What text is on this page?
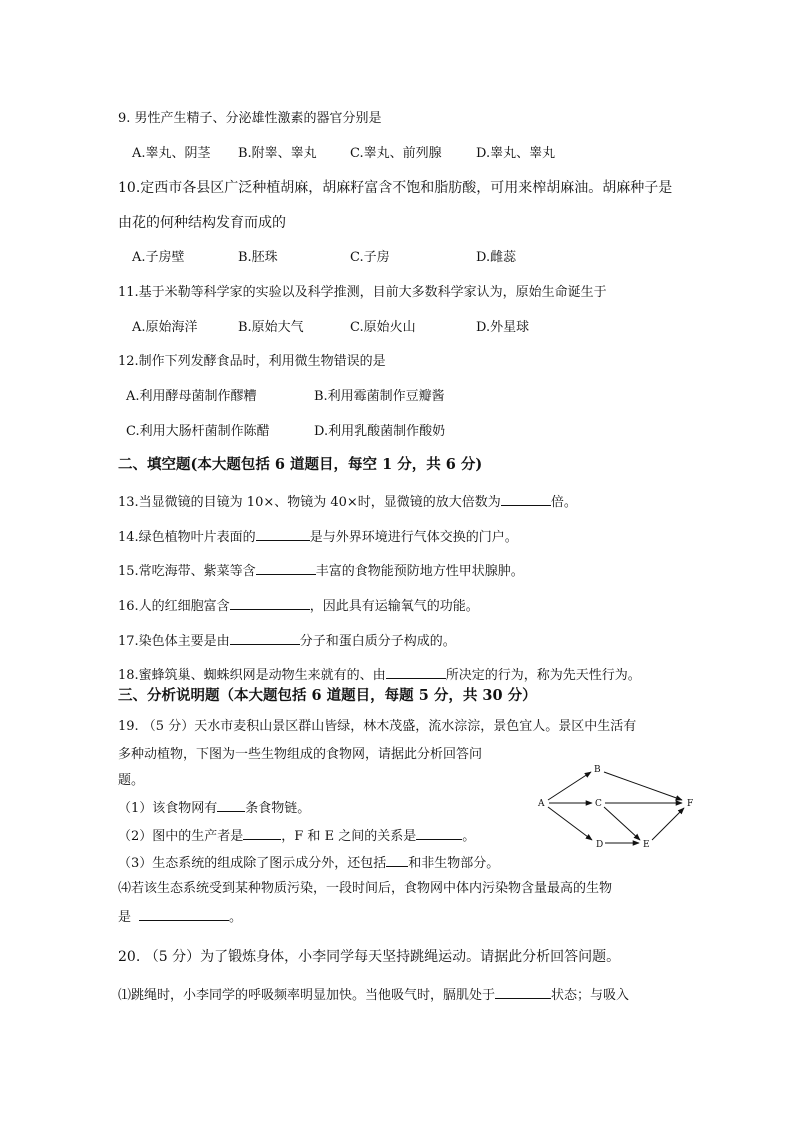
9. 男性产生精子、分泌雄性激素的器官分别是
A.睾丸、阴茎 B.附睾、睾丸	C.睾丸、前列腺	D.睾丸、睾丸
10.定西市各县区广泛种植胡麻，胡麻籽富含不饱和脂肪酸，可用来榨胡麻油。胡麻种子是
由花的何种结构发育而成的
A.子房壁	B.胚珠	C.子房	D.雌蕊
11.基于米勒等科学家的实验以及科学推测，目前大多数科学家认为，原始生命诞生于
A.原始海洋	B.原始大气	C.原始火山	D.外星球
12.制作下列发酵食品时，利用微生物错误的是
A.利用酵母菌制作醪糟	B.利用霉菌制作豆瓣酱
C.利用大肠杆菌制作陈醋	D.利用乳酸菌制作酸奶
二、填空题(本大题包括 6 道题目，每空 1 分，共 6 分)
13.当显微镜的目镜为 10×、物镜为 40×时，显微镜的放大倍数为	倍。
14.绿色植物叶片表面的	是与外界环境进行气体交换的门户。
15.常吃海带、紫菜等含	丰富的食物能预防地方性甲状腺肿。
16.人的红细胞富含	，因此具有运输氧气的功能。
17.染色体主要是由	分子和蛋白质分子构成的。
18.蜜蜂筑巢、蜘蛛织网是动物生来就有的、由	所决定的行为，称为先天性行为。
三、分析说明题（本大题包括 6 道题目，每题 5 分，共 30 分）
19. （5 分）天水市麦积山景区群山皆绿，林木茂盛，流水淙淙，景色宜人。景区中生活有
多种动植物，下图为一些生物组成的食物网，请据此分析回答问
题。
（1）该食物网有 条食物链。
（2）图中的生产者是	，F 和 E 之间的关系是	。
（3）生态系统的组成除了图示成分外，还包括 和非生物部分。
⑷若该生态系统受到某种物质污染，一段时间后，食物网中体内污染物含量最高的生物
是	。
A
B
C
D	E
F
20. （5 分）为了锻炼身体，小李同学每天坚持跳绳运动。请据此分析回答问题。
⑴跳绳时，小李同学的呼吸频率明显加快。当他吸气时，膈肌处于	状态；与吸入
